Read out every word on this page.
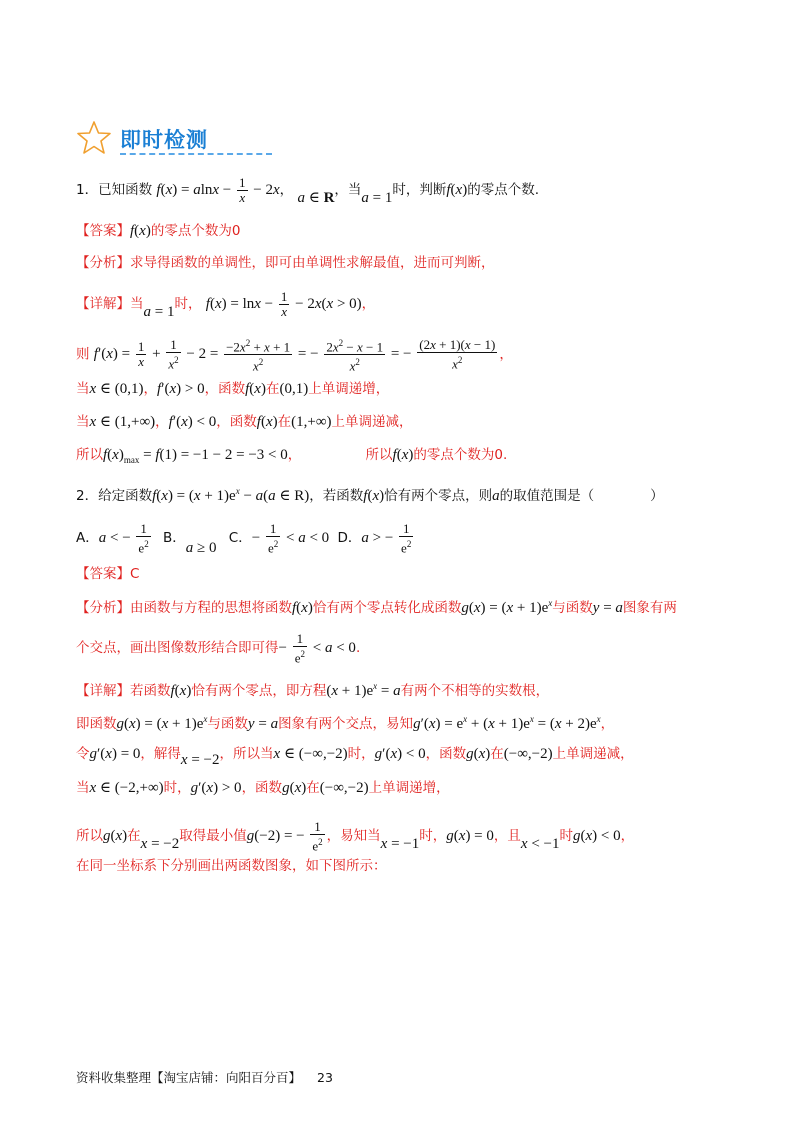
即时检测
1．已知函数 $f(x) = alnx - \frac{1}{x} - 2x$， a ∈ R，当a = 1时，判断f(x)的零点个数.
【答案】f(x)的零点个数为0
【分析】求导得函数的单调性，即可由单调性求解最值，进而可判断，
【详解】当a = 1时， $f(x) = \ln x - \frac{1}{x} - 2x(x > 0)$，
则 $f'(x) = \frac{1}{x} + \frac{1}{x^2} - 2 = \frac{-2x^2 + x + 1}{x^2}$ = − $\frac{2x^2 - x - 1}{x^2}$ = − $\frac{(2x + 1)(x - 1)}{x^2}$ ，
当x ∈ (0,1)，f′(x) > 0，函数f(x)在(0,1)上单调递增，
当x ∈ (1,+∞)，f′(x) < 0，函数f(x)在(1,+∞)上单调递减，
所以$f(x)_{max} = f(1) = -1 - 2 = -3 < 0$，	所以f(x)的零点个数为0.
2．给定函数$f(x) = (x + 1)e^x - a(a$ ∈ R)，若函数f(x)恰有两个零点，则a的取值范围是（	）
A．a < − $\frac{1}{e^2}$ B．a ≥ 0 C．− $\frac{1}{e^2} < a < 0$ D．a > − $\frac{1}{e^2}$
【答案】C
【分析】由函数与方程的思想将函数f(x)恰有两个零点转化成函数$g(x) = (x + 1)e^x$与函数y = a图象有两
个交点，画出图像数形结合即可得− $\frac{1}{e^2} < a < 0$.
【详解】若函数f(x)恰有两个零点，即方程$(x + 1)e^x = a$有两个不相等的实数根，
即函数$g(x) = (x + 1)e^x$与函数y = a图象有两个交点，易知$g'(x) = e^x + (x + 1)e^x = (x + 2)e^x$，
令g′(x) = 0，解得x = −2，所以当x ∈ (−∞,−2)时，g′(x) < 0，函数g(x)在(−∞,−2)上单调递减，
当x ∈ (−2,+∞)时，g′(x) > 0，函数g(x)在(−∞,−2)上单调递增，
所以g(x)在x = −2取得最小值g(−2) = − $\frac{1}{e^2}$ ，易知当x = −1时，g(x) = 0，且x < −1时g(x) < 0，
在同一坐标系下分别画出两函数图象，如下图所示：
资料收集整理【淘宝店铺：向阳百分百】 23
